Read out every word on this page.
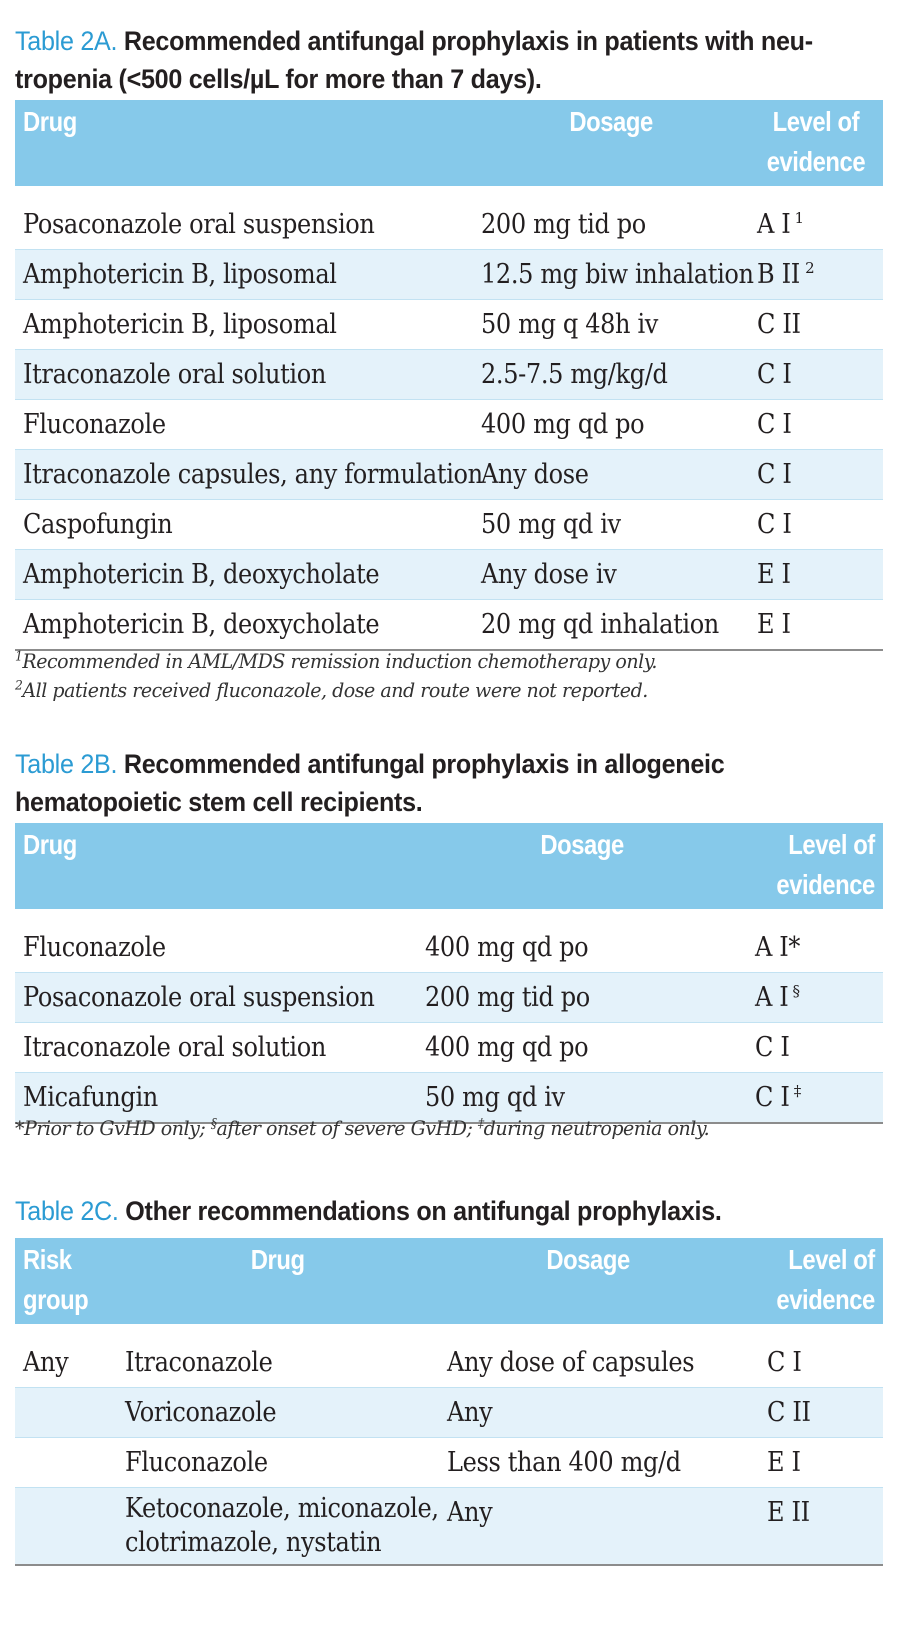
Table 2A. Recommended antifungal prophylaxis in patients with neu-
tropenia (<500 cells/µL for more than 7 days).
Drug	Dosage	Level of
evidence
Posaconazole oral suspension	200 mg tid po	A I $^1$
Amphotericin B, liposomal	12.5 mg biw inhalation	B II $^2$
Amphotericin B, liposomal	50 mg q 48h iv	C II
Itraconazole oral solution	2.5-7.5 mg/kg/d	C I
Fluconazole	400 mg qd po	C I
Itraconazole capsules, any formulation	Any dose	C I
Caspofungin	50 mg qd iv	C I
Amphotericin B, deoxycholate	Any dose iv	E I
Amphotericin B, deoxycholate	20 mg qd inhalation	E I
$^1$Recommended in AML/MDS remission induction chemotherapy only.
$^2$All patients received fluconazole, dose and route were not reported.
Table 2B. Recommended antifungal prophylaxis in allogeneic
hematopoietic stem cell recipients.
Drug	Dosage	Level of
evidence
Fluconazole	400 mg qd po	A I*
Posaconazole oral suspension	200 mg tid po	A I §
Itraconazole oral solution	400 mg qd po	C I
Micafungin	50 mg qd iv	C I ‡
*Prior to GvHD only; §after onset of severe GvHD; ‡during neutropenia only.
Table 2C. Other recommendations on antifungal prophylaxis.
Risk
group	Drug	Dosage	Level of
evidence
Any	Itraconazole	Any dose of capsules	C I
	Voriconazole	Any	C II
	Fluconazole	Less than 400 mg/d	E I
	Ketoconazole, miconazole,
clotrimazole, nystatin	Any	E II
